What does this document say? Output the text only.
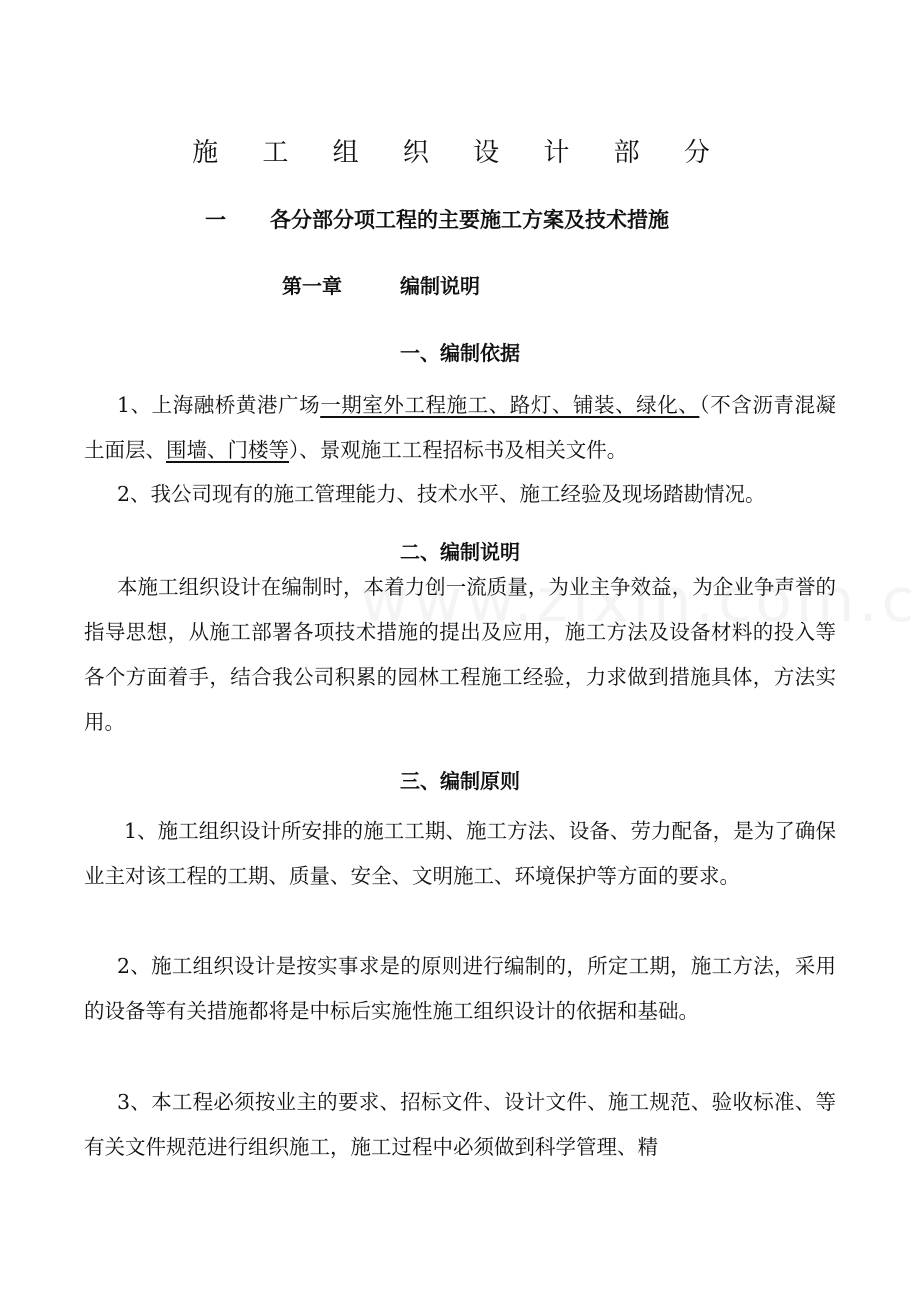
施 工 组 织 设 计 部 分
一 各分部分项工程的主要施工方案及技术措施
第一章	编制说明
一、编制依据
1、上海融桥黄港广场一期室外工程施工、路灯、铺装、绿化、（不含沥青混凝土面层、围墙、门楼等）、景观施工工程招标书及相关文件。
2、我公司现有的施工管理能力、技术水平、施工经验及现场踏勘情况。
二、编制说明
本施工组织设计在编制时，本着力创一流质量，为业主争效益，为企业争声誉的指导思想，从施工部署各项技术措施的提出及应用，施工方法及设备材料的投入等各个方面着手，结合我公司积累的园林工程施工经验，力求做到措施具体，方法实用。
三、编制原则
1、施工组织设计所安排的施工工期、施工方法、设备、劳力配备，是为了确保业主对该工程的工期、质量、安全、文明施工、环境保护等方面的要求。
2、施工组织设计是按实事求是的原则进行编制的，所定工期，施工方法，采用的设备等有关措施都将是中标后实施性施工组织设计的依据和基础。
3、本工程必须按业主的要求、招标文件、设计文件、施工规范、验收标准、等有关文件规范进行组织施工，施工过程中必须做到科学管理、精
